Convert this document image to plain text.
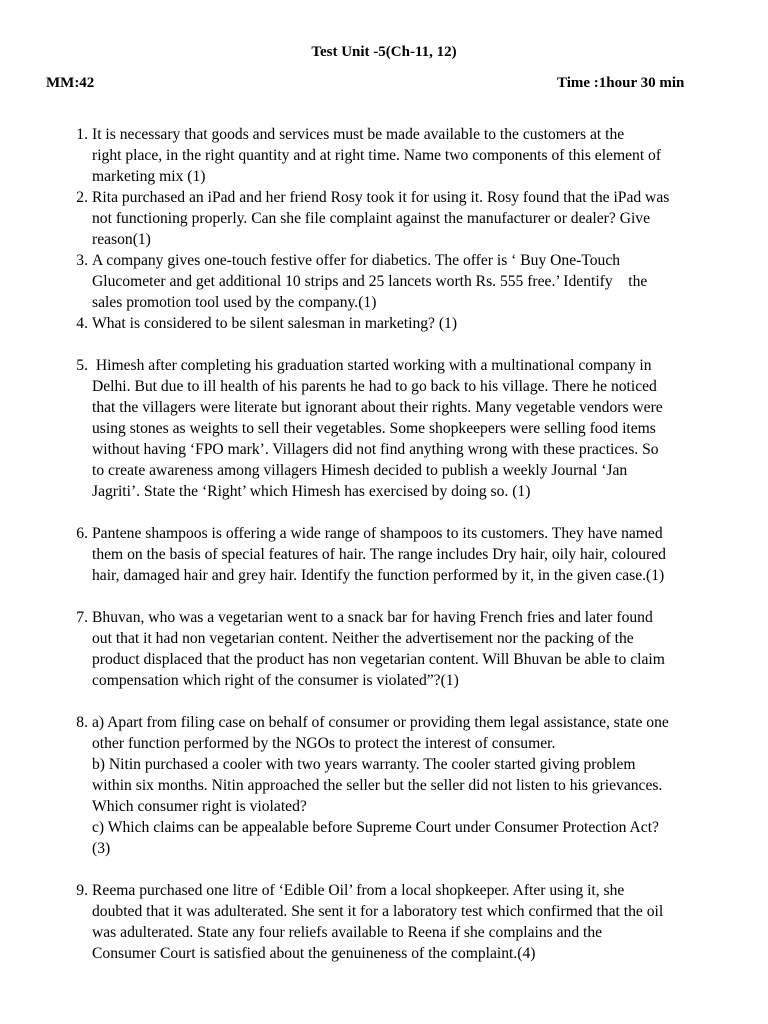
Test Unit -5(Ch-11, 12)
MM:42	Time :1hour 30 min
1 . It is necessary that goods and services must be made available to the customers at the
right place, in the right quantity and at right time. Name two components of this element of
marketing mix (1)
2 . Rita purchased an iPad and her friend Rosy took it for using it. Rosy found that the iPad was
not functioning properly. Can she file complaint against the manufacturer or dealer? Give
reason(1)
3 . A company gives one-touch festive offer for diabetics. The offer is ‘ Buy One-Touch
Glucometer and get additional 10 strips and 25 lancets worth Rs. 555 free.’ Identify    the
sales promotion tool used by the company.(1)
4 . What is considered to be silent salesman in marketing? (1)
5 . Himesh after completing his graduation started working with a multinational company in
Delhi. But due to ill health of his parents he had to go back to his village. There he noticed
that the villagers were literate but ignorant about their rights. Many vegetable vendors were
using stones as weights to sell their vegetables. Some shopkeepers were selling food items
without having ‘FPO mark’. Villagers did not find anything wrong with these practices. So
to create awareness among villagers Himesh decided to publish a weekly Journal ‘Jan
Jagriti’. State the ‘Right’ which Himesh has exercised by doing so. (1)
6 . Pantene shampoos is offering a wide range of shampoos to its customers. They have named
them on the basis of special features of hair. The range includes Dry hair, oily hair, coloured
hair, damaged hair and grey hair. Identify the function performed by it, in the given case.(1)
7 . Bhuvan, who was a vegetarian went to a snack bar for having French fries and later found
out that it had non vegetarian content. Neither the advertisement nor the packing of the
product displaced that the product has non vegetarian content. Will Bhuvan be able to claim
compensation which right of the consumer is violated”?(1)
8 . a) Apart from filing case on behalf of consumer or providing them legal assistance, state one
other function performed by the NGOs to protect the interest of consumer.
b) Nitin purchased a cooler with two years warranty. The cooler started giving problem
within six months. Nitin approached the seller but the seller did not listen to his grievances.
Which consumer right is violated?
c) Which claims can be appealable before Supreme Court under Consumer Protection Act?
(3)
9 . Reema purchased one litre of ‘Edible Oil’ from a local shopkeeper. After using it, she
doubted that it was adulterated. She sent it for a laboratory test which confirmed that the oil
was adulterated. State any four reliefs available to Reena if she complains and the
Consumer Court is satisfied about the genuineness of the complaint.(4)
